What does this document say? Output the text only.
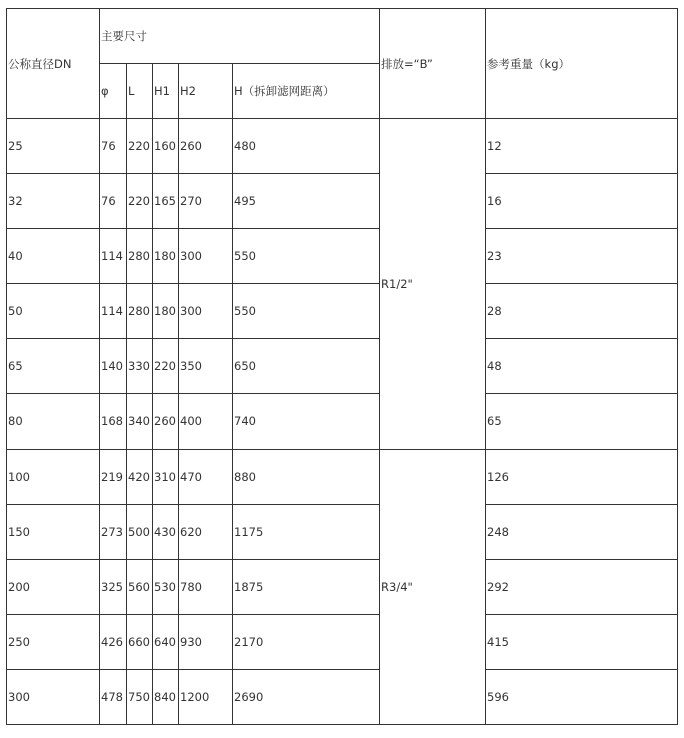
公称直径DN	主要尺寸					排放=“B”	参考重量（kg）
	φ	L	H1	H2	H（拆卸滤网距离）		
25	76	220	160	260	480	R1/2"	12
32	76	220	165	270	495		16
40	114	280	180	300	550		23
50	114	280	180	300	550		28
65	140	330	220	350	650		48
80	168	340	260	400	740		65
100	219	420	310	470	880	R3/4"	126
150	273	500	430	620	1175		248
200	325	560	530	780	1875		292
250	426	660	640	930	2170		415
300	478	750	840	1200	2690		596
